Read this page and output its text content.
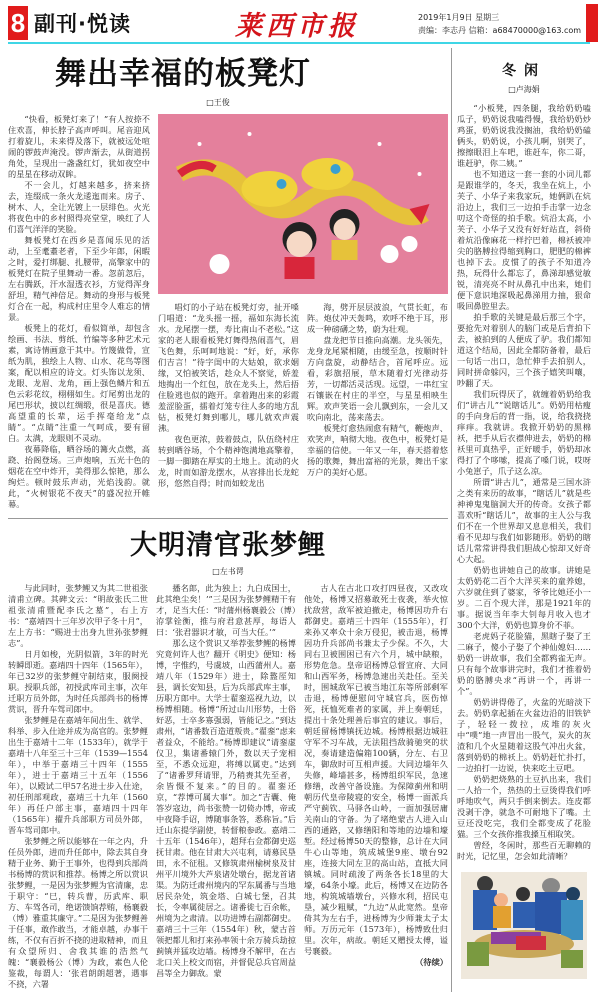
8 副刊·悦读	莱西市报	2019年1月9日 星期三
责编：李志丹 信箱：a68470000@163.com
舞出幸福的板凳灯
□王俊

“快看，板凳灯来了！”有人按捺不住欢喜，伸长脖子高声呼叫。尾音迎风打着旋儿，未来得及落下，就被远处喧闹的锣鼓声淹没。锣声渐去，从街道拐角处，呈现出一盏盏红灯，犹如夜空中的星星在移动双眸。

不一会儿，灯越来越多，挤来挤去，连缀成一条火龙逶迤而来。房子、树木、人，全让光镀上一层绯色。火光将夜色中的乡村照得亮堂堂，映红了人们喜气洋洋的笑脸。

舞板凳灯在西乡是喜闻乐见的活动，上至耄耋老者，下至少年郎，闲暇之时，爱打绑腿、扎腰带，高擎家中的板凳灯在院子里舞动一番。忽前忽后，左右腾跃，汗水湿透衣衫，方觉得浑身舒坦，精气神倍足。舞动的身形与板凳灯合在一起，构成村庄里令人难忘的情景。

板凳上的花灯，看似简单，却包含绘画、书法、剪纸、竹编等多种艺术元素，寓诗情画意于其中。竹篾做骨，宣纸为肌，独绘上人物、山水、花鸟等图案，配以相应的诗文。灯头饰以龙须、龙眼、龙眉、龙角，画上强色鳞片和五色云彩花纹，栩栩如生。灯尾剪出龙的尾巴形状，披以红绸缎，很是喜庆。德高望重的长辈，运手挥毫给龙“点睛”。“点睛”注重一气呵成，要有留白。太满，龙眼则不灵动。

夜幕降临，晒谷场的篝火点燃，高跷、抬阁登场。三声炮响，五光十色的烟花在空中炸开，美得那么惊艳，那么绚烂。顿时鼓乐声动，光焰浅韵。就此，“火树银花不夜天”的盛况拉开帷幕。

唱灯的小子站在板凳灯旁，扯开嗓门唱道：“龙头摇一摇，福如东海长流水。龙尾摆一摆，寿比南山不老松。”这家的老人眼看板凳灯舞得热闹喜气，眉飞色舞，乐呵呵地说：“好，好，承你们吉言！”待字闺中的大姑娘，欲求姻缘，又怕被笑话，趁众人不察觉，娇羞地掏出一个红包，放在龙头上，然后捂住脸逃也似的跑开。拿着跑出来的彩霞羞涩脸蛋，擂着灯笼专往人多的地方乱钻，板凳灯舞到哪儿，哪儿就欢声震沸。

夜色更浓，鼓着鼓点，队伍绕村庄转到晒谷场，个个精神饱满地高擎着，一脚一脚踏在厚实的土地上。流动的火龙，时而如游龙摆水，从容排出长龙蛇形，悠然自得；时而如蛟龙出

海，劈开层层波浪，气贯长虹，布阵。炮仗冲天轰鸣，欢呼不绝于耳，形成一种磅礴之势，蔚为壮观。

盘龙把节日推向高潮。龙头领先，龙身龙尾紧相随，由缓至急，按顺时针方向盘旋，动静结合，首尾呼应。远看，彩旗招展，草木随着灯光律动芬芳，一切都活灵活现。远望，一串红宝石镶嵌在村庄的半空，与星星相映生辉。欢声笑语一会儿飘到东，一会儿又吹向南北，荡来荡去。

板凳灯愈热闹愈有精气，鞭炮声、欢笑声，响彻大地。夜色中，板凳灯是幸福的信使。一年又一年，春天搭着悠扬的歌舞，舞出富裕的光景，舞出千家万户的美好心愿。

大明清官张梦鲤
□左书谔

与此同时，张梦鲤又为其二世祖张清甫立碑。其碑文云：“明故张氏二世祖张清甫暨配李氏之墓”，右上方书：“嘉靖四十三年岁次甲子冬十月”，左上方书：“赐进士出身九世孙张梦鲤志”。

日月如梭，光阴似箭，3年的时光转瞬即逝。嘉靖四十四年（1565年），年已32岁的张梦鲤守制结束，服阕授职。授职兵部，初授武库司主事，次年迁职方员外郎，为时任兵部尚书的杨博赏识，晋升车驾司郎中。

张梦鲤是在嘉靖年间出生、就学、科举、步入仕途并成为高官的。张梦鲤出生于嘉靖十二年（1533年），就学于嘉靖十八年至三十三年（1539—1554年），中举于嘉靖三十四年（1555年），进士于嘉靖三十五年（1556年），以殿试二甲57名进士步入仕途，初任刑部观政，嘉靖三十九年（1560年）再任户部主事，嘉靖四十四年（1565年）擢升兵部职方司员外郎，晋车驾司郎中。

张梦鲤之所以能够在一年之内，升任员外郎，进而升任郎中，除去其自身精于业务、勤于王事外，也得到兵部尚书杨博的赏识和推荐。杨博之所以赏识张梦鲤，一是因为张梦鲤为官清廉，忠于职守：“巳，转兵曹，历武库、职方、车驾各司，绝诺馈饷荐贿，杨襄毅（博）雅重其廉守。”二是因为张梦鲤善于任事，敢作敢当，才能卓越，办事干练，不仅有百折不挠的进取精神，而且有众望所归、舍我其谁的浩然气魄：“襄毅杨公（博）为政，素色人伦鉴裁，每谓人：‘张君朗朗超著，遇事不挠，六署

播名郎，此为独上；九白成国士，此其绝尘矣！’”三是因为张梦鲤精干有才，足当大任：“时蒲州杨襄毅公（博）洊掌铨衡，推与府君意甚厚，每语人曰：‘张君器识才敏，可当大任。’”

那么这个赏识又举荐张梦鲤的杨博究竟何许人也？翻开《明史》便知：杨博，字惟约，号虞坡，山西蒲州人。嘉靖八年（1529年）进士，除盩厔知县，调长安知县，后为兵部武库主事，历职方郎中。大学士翟銮巡视九边，以杨博相随。杨博“所过山川形势，士俗好恶，士卒多寡强弱，皆能记之。”到达肃州，“诸番数百造道叛贵。”翟銮“虑来者益众，不能给。”杨博即建议“请銮虚仪卫，集诸番辕门外，数以天子宠相至，不悉众远迎，将缚以属吏。”达到了“诸番罗拜请罪，乃稍赉其先至者，余皆慑不复来。”的目的。翟銮还京，“荐博可属大事”。加之“吉囊、俺答岁寇边，尚书张赞一切倚办博，帝或中夜降手诏，博随事条答，悉称旨。”后迁山东提学副使，转督粮参政。嘉靖二十五年（1546年），超拜右佥都御史巡抚甘肃。他在甘肃大兴屯利，请募民垦田，永不征租。又修筑肃州榆树泉及甘州平川境外大芦泉诸处墩台，据龙首诸渠。为防迁肃州境内的罕东属番与当地居民杂处，筑金塔、白城七堡，召其长，令率属徙居之。诸番徙七百余帐，州境为之肃清。以功进博右副都御史。嘉靖三十三年（1554年）秋，蒙古首领把都儿和打来孙率领十余万骑兵劫掠蓟镇并猛攻边墙。杨博身不解甲，在古北口关上校文而宿，并督促总兵官周益昌等全力御敌。蒙

古人在古北口攻打四昼夜，又改攻他处，杨博又招募敢死士夜袭，举火惊扰敌营，敌军被迫撤走，杨博因功升右都御史。嘉靖三十四年（1555年），打来孙又率众十余万侵犯，被击退，杨博因功升兵部尚书兼太子少保。不久，大同右卫被围困已有六个月，城中缺粮，形势危急。皇帝诏杨博总督宣府、大同和山西军务，杨博急速出关赴任。至关时，围城敌军已被当地江东等所部剩军击退，杨博便慰问守城官兵，医伤悼死，抚恤死难者的家属，并上奏朝廷，提出十条处理善后事宜的建议。事后，朝廷留杨博镇抚边城。杨博根据边城驻守军不习车战，无法阻挡敌骑驰突的状况，奏请建造偏箱100辆，分左、右卫车，御敌时可互相声援。大同边墙年久失修，峰墙甚多，杨博组织军民，急速修缮，改善守备设施。为保障蓟州和明朝历代皇帝陵寝的安全，杨博一面派兵严守蓟钦、马驿各山岭，一面加强居庸关南山的守备。为了堵绝蒙古人进入山西的通路，又修缮阳和等地的边墙和壕堑。经过杨博50天的整修，总计在大同牛心山等地，筑成城堡9座、墩台92座，连接大同左卫的高山站，直抵大同镇城。同时疏浚了两条各长18里的大壕，64条小壕。此后，杨博又在边防各地，构筑城墙墩台，兴修水利，招民屯垦，减少粗赋，“九边”从此宽然。皇帝倚其为左右手，进杨博为少师兼太子太师。万历元年（1573年），杨博致仕归里。次年，病故。朝廷又赠授太傅，谥号襄毅。

（待续）
冬闲
□卢海娟

“小板凳，四条腿，我给奶奶嗑瓜子，奶奶说我嗑得慢，我给奶奶炒鸡蛋，奶奶说我没搁油，我给奶奶磕俩头，奶奶说，小孩儿啊，别哭了，擦擦眼泪上车吧，谁赶车，你二哥，谁赶驴，你二姨。”

也不知道这一套一套的小词儿都是跟谁学的，冬天，我坐在炕上，小芙子、小华子来我家玩，她俩趴在炕沿边上，我们三一边拍手击掌一边念叨这个奇怪的拍手歌。炕沿太高，小芙子、小华子又没有好好站直，斜倚着炕沿像麻花一样拧巴着，棉袄被冲尖的胳膊拉得缩到胸口，肥肥的棉裤也掉下去。皮惯了的孩子不知道冷热，玩得什么都忘了，鼻涕却感觉敏锐，清亮亮不时从鼻孔中出来，她们便下意识地深吸起鼻涕用力抽，狠命吸回鼻腔里去。

拍手歌的关键是最后那三个字，要抢先对着别人的脑门或是后背拍下去，被拍到的人便成了驴。我们都知道这个结局，因此全都防备着，最后一句话一出口，急忙伸手去拍别人，同时拼命躲闪，三个孩子嬉笑叫嚷，吵翻了天。

我们玩得厌了，就缠着奶奶给我们“讲古儿”“说瞎话儿”。奶奶用枯瘦的手向身后的背一指，说，给我挠挠痒痒。我就讲。我掀开奶奶的黑棉袄，把手从后衣襟伸进去，奶奶的棉袄里可真热乎，正好暖手，奶奶却冰得打了个哆嗦，提高了嗓门说，哎呀小兔崽子，爪子这么凉。

所谓“讲古儿”，通常是三国水浒之类有来历的故事，“瞎话儿”就是些神神鬼鬼脑洞大开的传奇。女孩子都喜欢听“瞎话儿”，故事的主人公与我们不在一个世界却又息息相关，我们看不见却与我们如影随形。奶奶的瞎话儿常常讲得我们胆战心惊却又好奇心大起。

奶奶也讲她自己的故事。讲她是太奶奶花二百个大洋买来的童养媳，六岁就住到了婆家，爷爷比她还小一岁。二百个现大洋，那是1921年的事。据说当年李大钊每月收入也才300个大洋，奶奶也算身价不菲。

老虎妈子花脸猫，黑瞎子娶了王二麻子，傻小子娶了个神仙媳妇……奶奶一讲故事，我们全都鸦雀无声。只有每个故事讲完时，我们才推着奶奶的胳膊央求“再讲一个，再讲一个”。

奶奶讲得倦了，火盆的光暗淡下去。奶奶拿起插在火盆边沿的旧铁铲子，轻轻一拨拉，成堆的灰火中“噗”地一声冒出一股气，炭火的灰渣和几个火星随着这股气冲出火盆，落到奶奶的棉袄上。奶奶赶忙扑打，一边拍打一边说，快来吃土豆吧。

奶奶把烧熟的土豆扒出来，我们一人拾一个，热热的土豆烫得我们呼呼地吹气，两只手倒来倒去。连皮都没剥干净，就急不可耐地下了嘴。土豆还没吃完，我们全都变成了花脸猫。三个女孩你推我搡互相取笑。

曾经，冬闲时，那些百无聊赖的时光，记忆里，怎会如此清晰？
